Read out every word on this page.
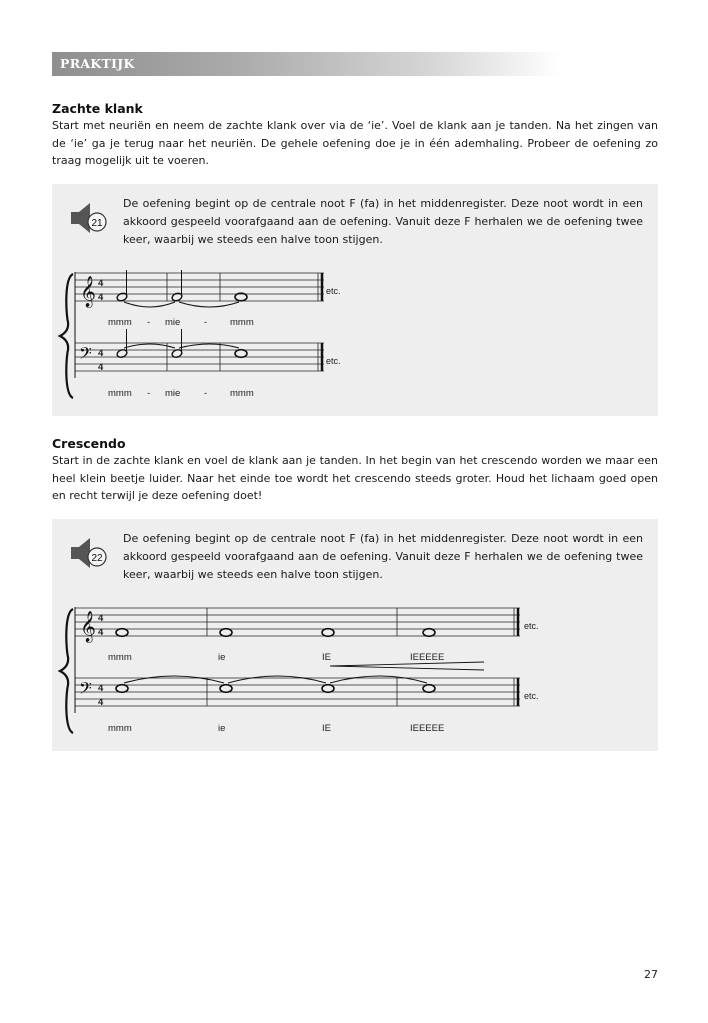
PRAKTIJK
Zachte klank
Start met neuriën en neem de zachte klank over via de ‘ie’. Voel de klank aan je tanden. Na het zingen van de ‘ie’ ga je terug naar het neuriën. De gehele oefening doe je in één ademhaling. Probeer de oefening zo traag mogelijk uit te voeren.
21
De oefening begint op de centrale noot F (fa) in het middenregister. Deze noot wordt in een akkoord gespeeld voorafgaand aan de oefening. Vanuit deze F herhalen we de oefening twee keer, waarbij we steeds een halve toon stijgen.
𝄞 4
4
etc.
mmm - mie - mmm
𝄢 4
4
etc.
mmm - mie - mmm
Crescendo
Start in de zachte klank en voel de klank aan je tanden. In het begin van het crescendo worden we maar een heel klein beetje luider. Naar het einde toe wordt het crescendo steeds groter. Houd het lichaam goed open en recht terwijl je deze oefening doet!
22
De oefening begint op de centrale noot F (fa) in het middenregister. Deze noot wordt in een akkoord gespeeld voorafgaand aan de oefening. Vanuit deze F herhalen we de oefening twee keer, waarbij we steeds een halve toon stijgen.
𝄞 4
4
etc.
mmm	ie	IE	IEEEEE
𝄢 4
4
etc.
mmm	ie	IE	IEEEEE
27
